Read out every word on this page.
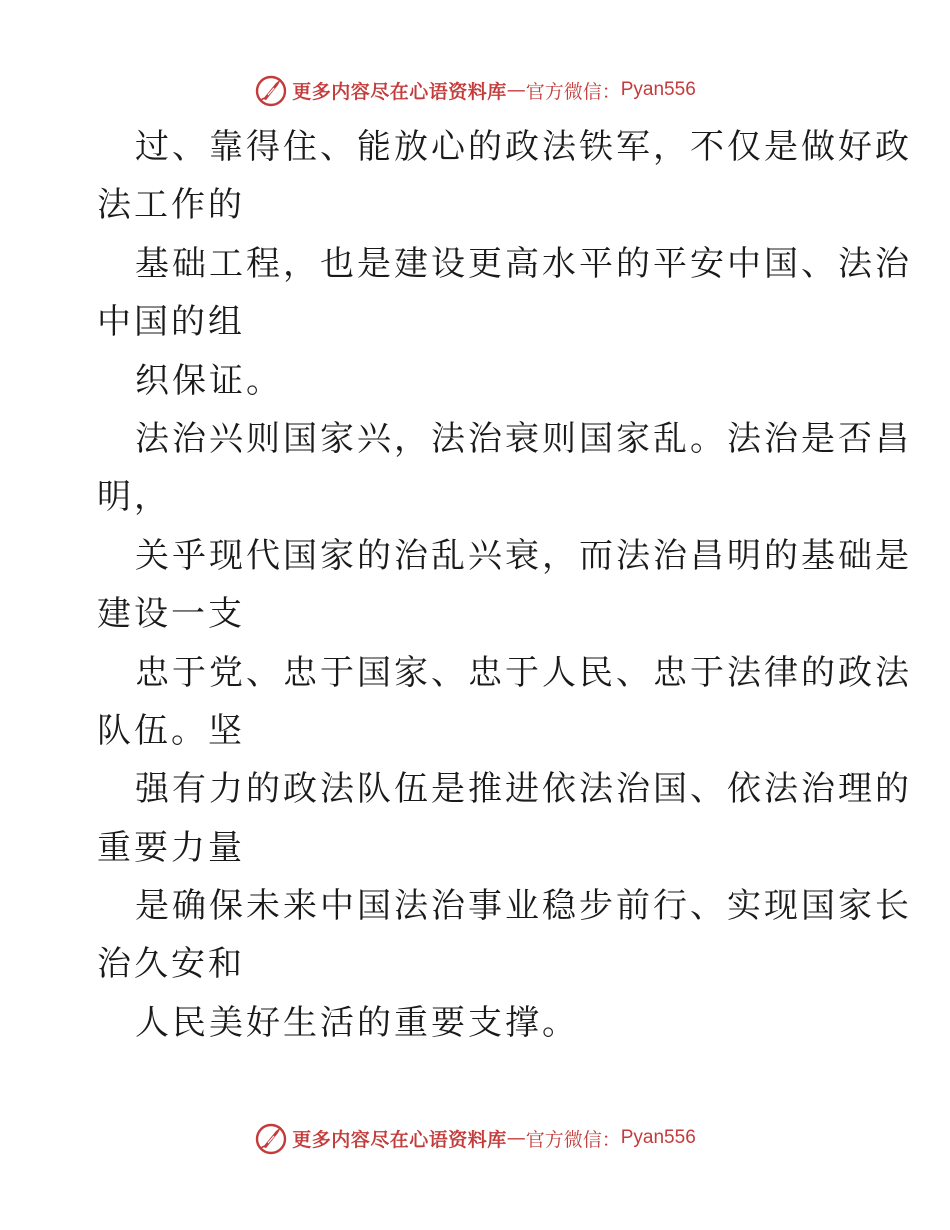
更多内容尽在心语资料库 — 官方微信： Pyan556
过、靠得住、能放心的政法铁军，不仅是做好政
法工作的
基础工程，也是建设更高水平的平安中国、法治
中国的组
织保证。
法治兴则国家兴，法治衰则国家乱。法治是否昌
明，
关乎现代国家的治乱兴衰，而法治昌明的基础是
建设一支
忠于党、忠于国家、忠于人民、忠于法律的政法
队伍。坚
强有力的政法队伍是推进依法治国、依法治理的
重要力量
是确保未来中国法治事业稳步前行、实现国家长
治久安和
人民美好生活的重要支撑。
更多内容尽在心语资料库 — 官方微信： Pyan556
